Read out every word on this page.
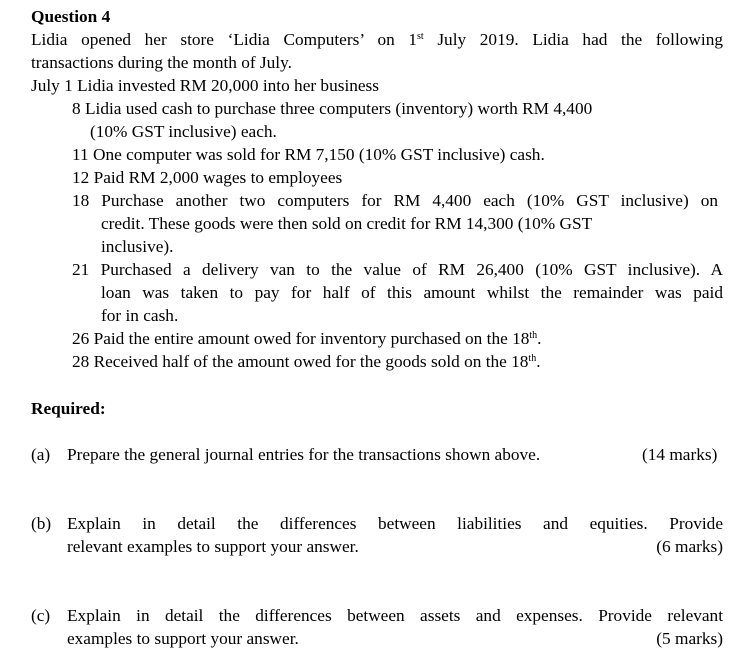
Question 4
Lidia opened her store ‘Lidia Computers’ on 1st July 2019. Lidia had the following
transactions during the month of July.
July 1 Lidia invested RM 20,000 into her business
8 Lidia used cash to purchase three computers (inventory) worth RM 4,400
(10% GST inclusive) each.
11 One computer was sold for RM 7,150 (10% GST inclusive) cash.
12 Paid RM 2,000 wages to employees
18 Purchase another two computers for RM 4,400 each (10% GST inclusive) on
credit. These goods were then sold on credit for RM 14,300 (10% GST
inclusive).
21 Purchased a delivery van to the value of RM 26,400 (10% GST inclusive). A
loan was taken to pay for half of this amount whilst the remainder was paid
for in cash.
26 Paid the entire amount owed for inventory purchased on the 18th.
28 Received half of the amount owed for the goods sold on the 18th.
Required:
(a) Prepare the general journal entries for the transactions shown above.	(14 marks)
(b) Explain in detail the differences between liabilities and equities. Provide
relevant examples to support your answer.	(6 marks)
(c) Explain in detail the differences between assets and expenses. Provide relevant
examples to support your answer.	(5 marks)
